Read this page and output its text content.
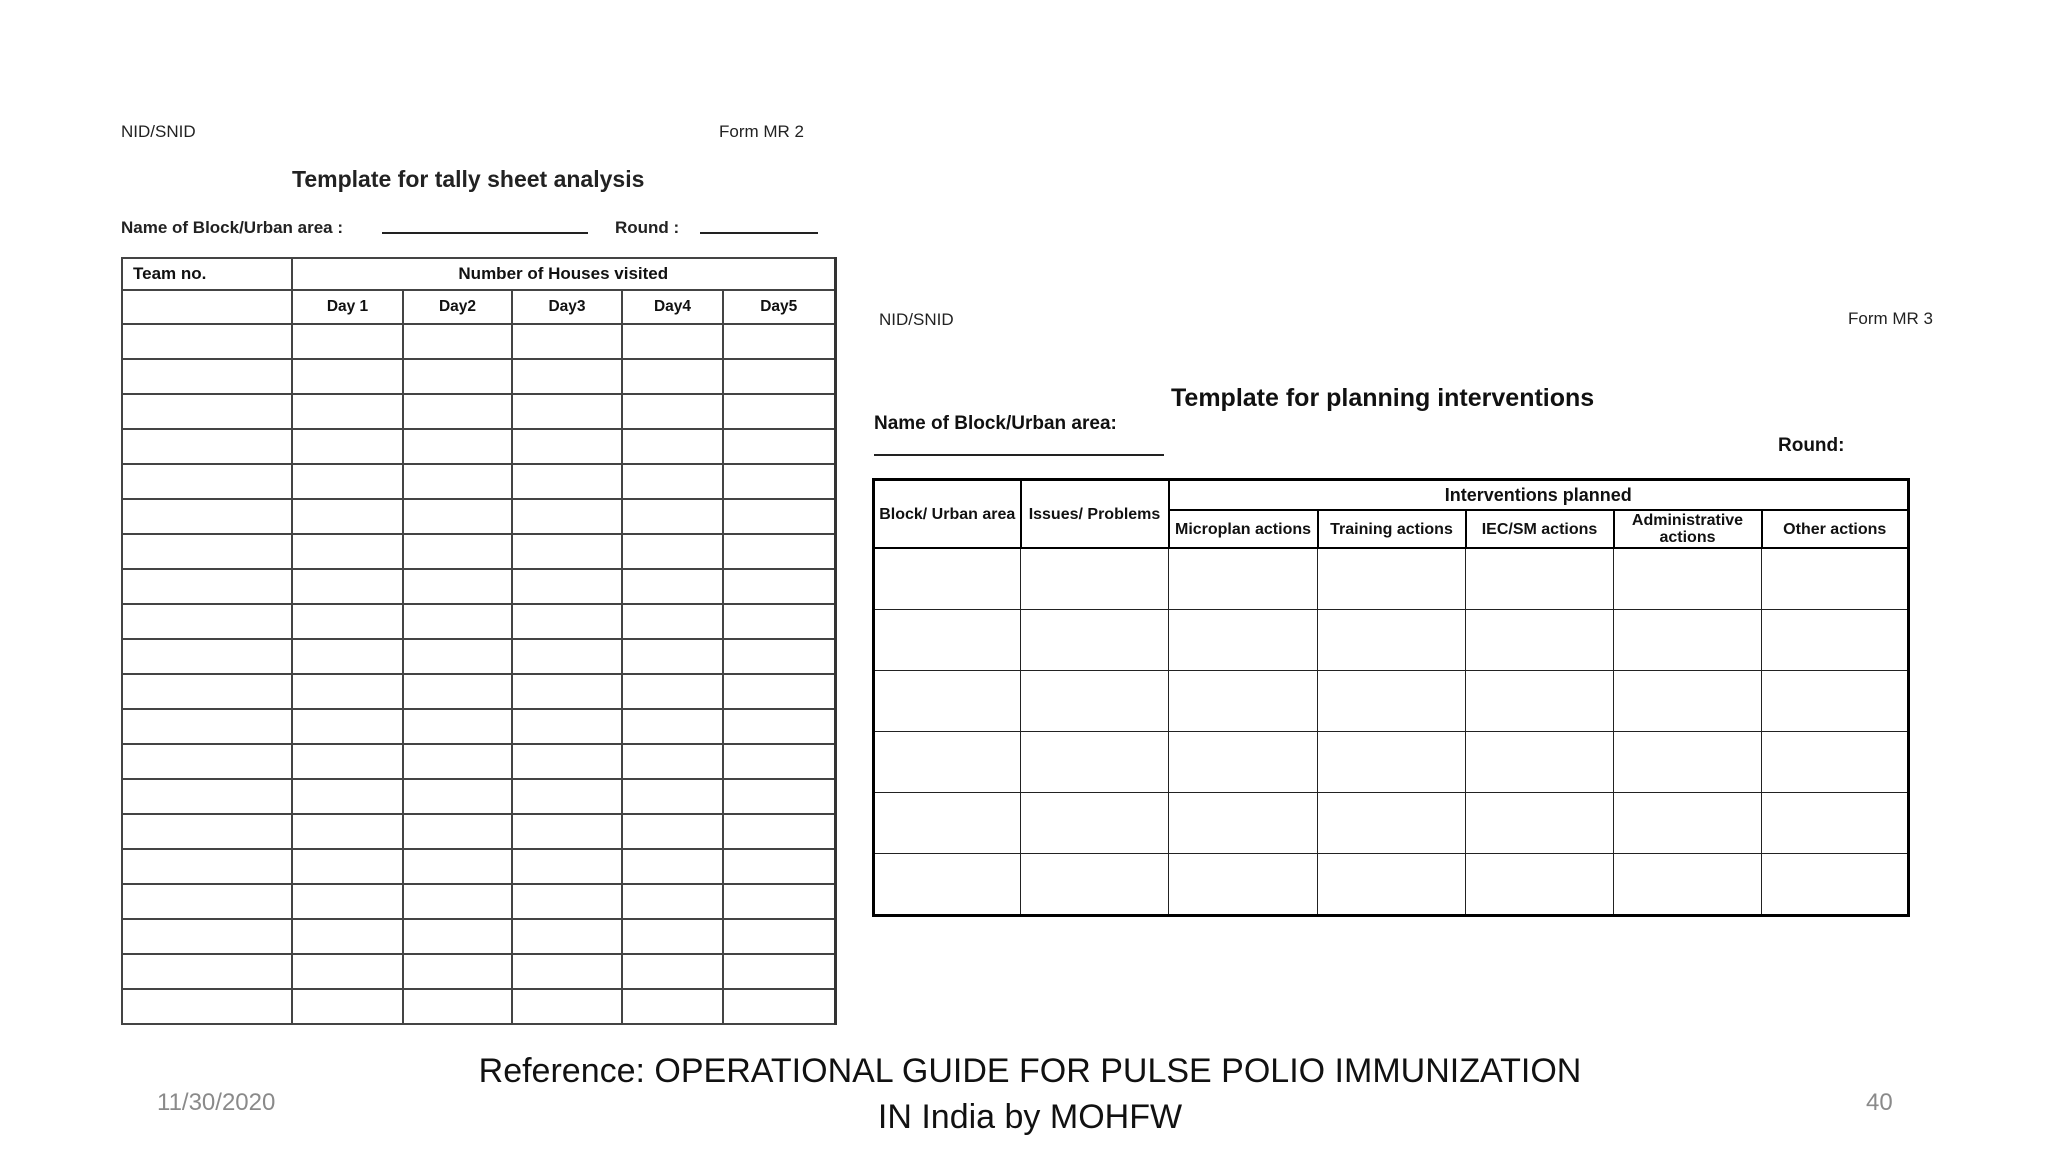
NID/SNID	Form MR 2
Template for tally sheet analysis
Name of Block/Urban area :	Round :
Team no.	Number of Houses visited				
	Day 1	Day2	Day3	Day4	Day5

NID/SNID	Form MR 3
Template for planning interventions
Name of Block/Urban area:
Round:
Block/ Urban area	Issues/ Problems	Interventions planned				
		Microplan actions	Training actions	IEC/SM actions	Administrative actions	Other actions

Reference: OPERATIONAL GUIDE FOR PULSE POLIO IMMUNIZATION
IN India by MOHFW
11/30/2020	40
